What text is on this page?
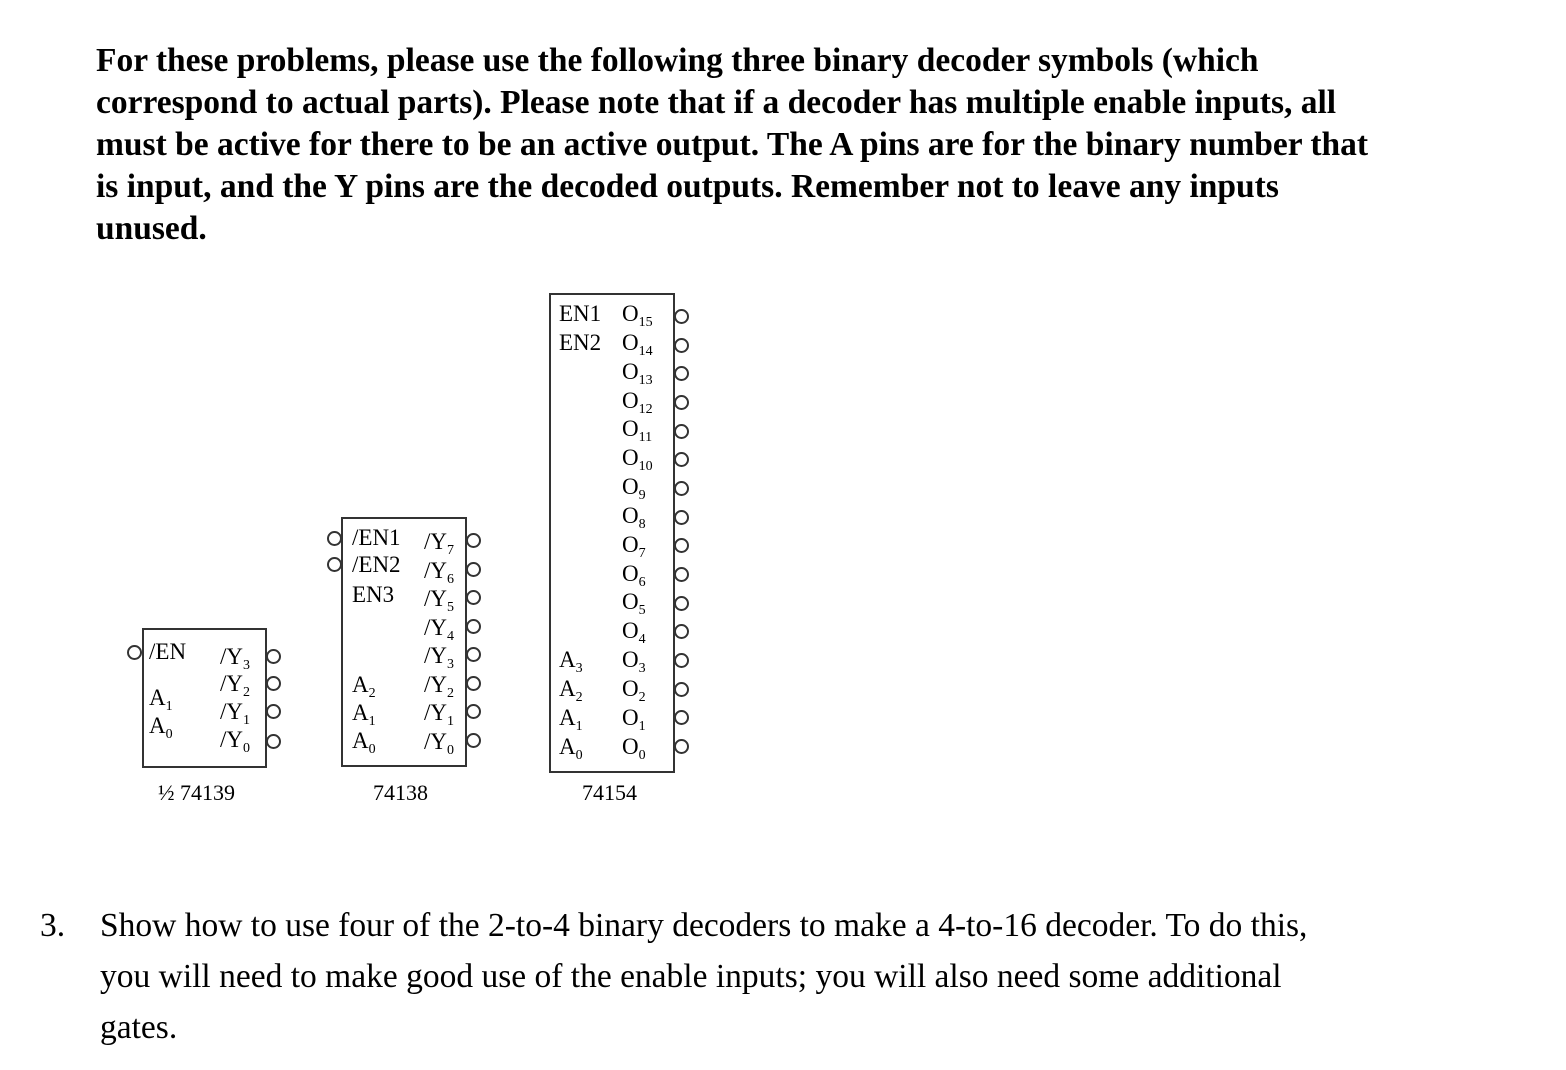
For these problems, please use the following three binary decoder symbols (which

correspond to actual parts). Please note that if a decoder has multiple enable inputs, all

must be active for there to be an active output. The A pins are for the binary number that

is input, and the Y pins are the decoded outputs. Remember not to leave any inputs

unused.

/EN
$A_1$
$A_0$
$/Y_3$
$/Y_2$
$/Y_1$
$/Y_0$
½ 74139
/EN1
/EN2
EN3
$A_2$
$A_1$
$A_0$
$/Y_7$
$/Y_6$
$/Y_5$
$/Y_4$
$/Y_3$
$/Y_2$
$/Y_1$
$/Y_0$
74138
EN1
EN2
$A_3$
$A_2$
$A_1$
$A_0$
$O_{15}$
$O_{14}$
$O_{13}$
$O_{12}$
$O_{11}$
$O_{10}$
$O_9$
$O_8$
$O_7$
$O_6$
$O_5$
$O_4$
$O_3$
$O_2$
$O_1$
$O_0$
74154
3. Show how to use four of the 2-to-4 binary decoders to make a 4-to-16 decoder. To do this,

you will need to make good use of the enable inputs; you will also need some additional

gates.
